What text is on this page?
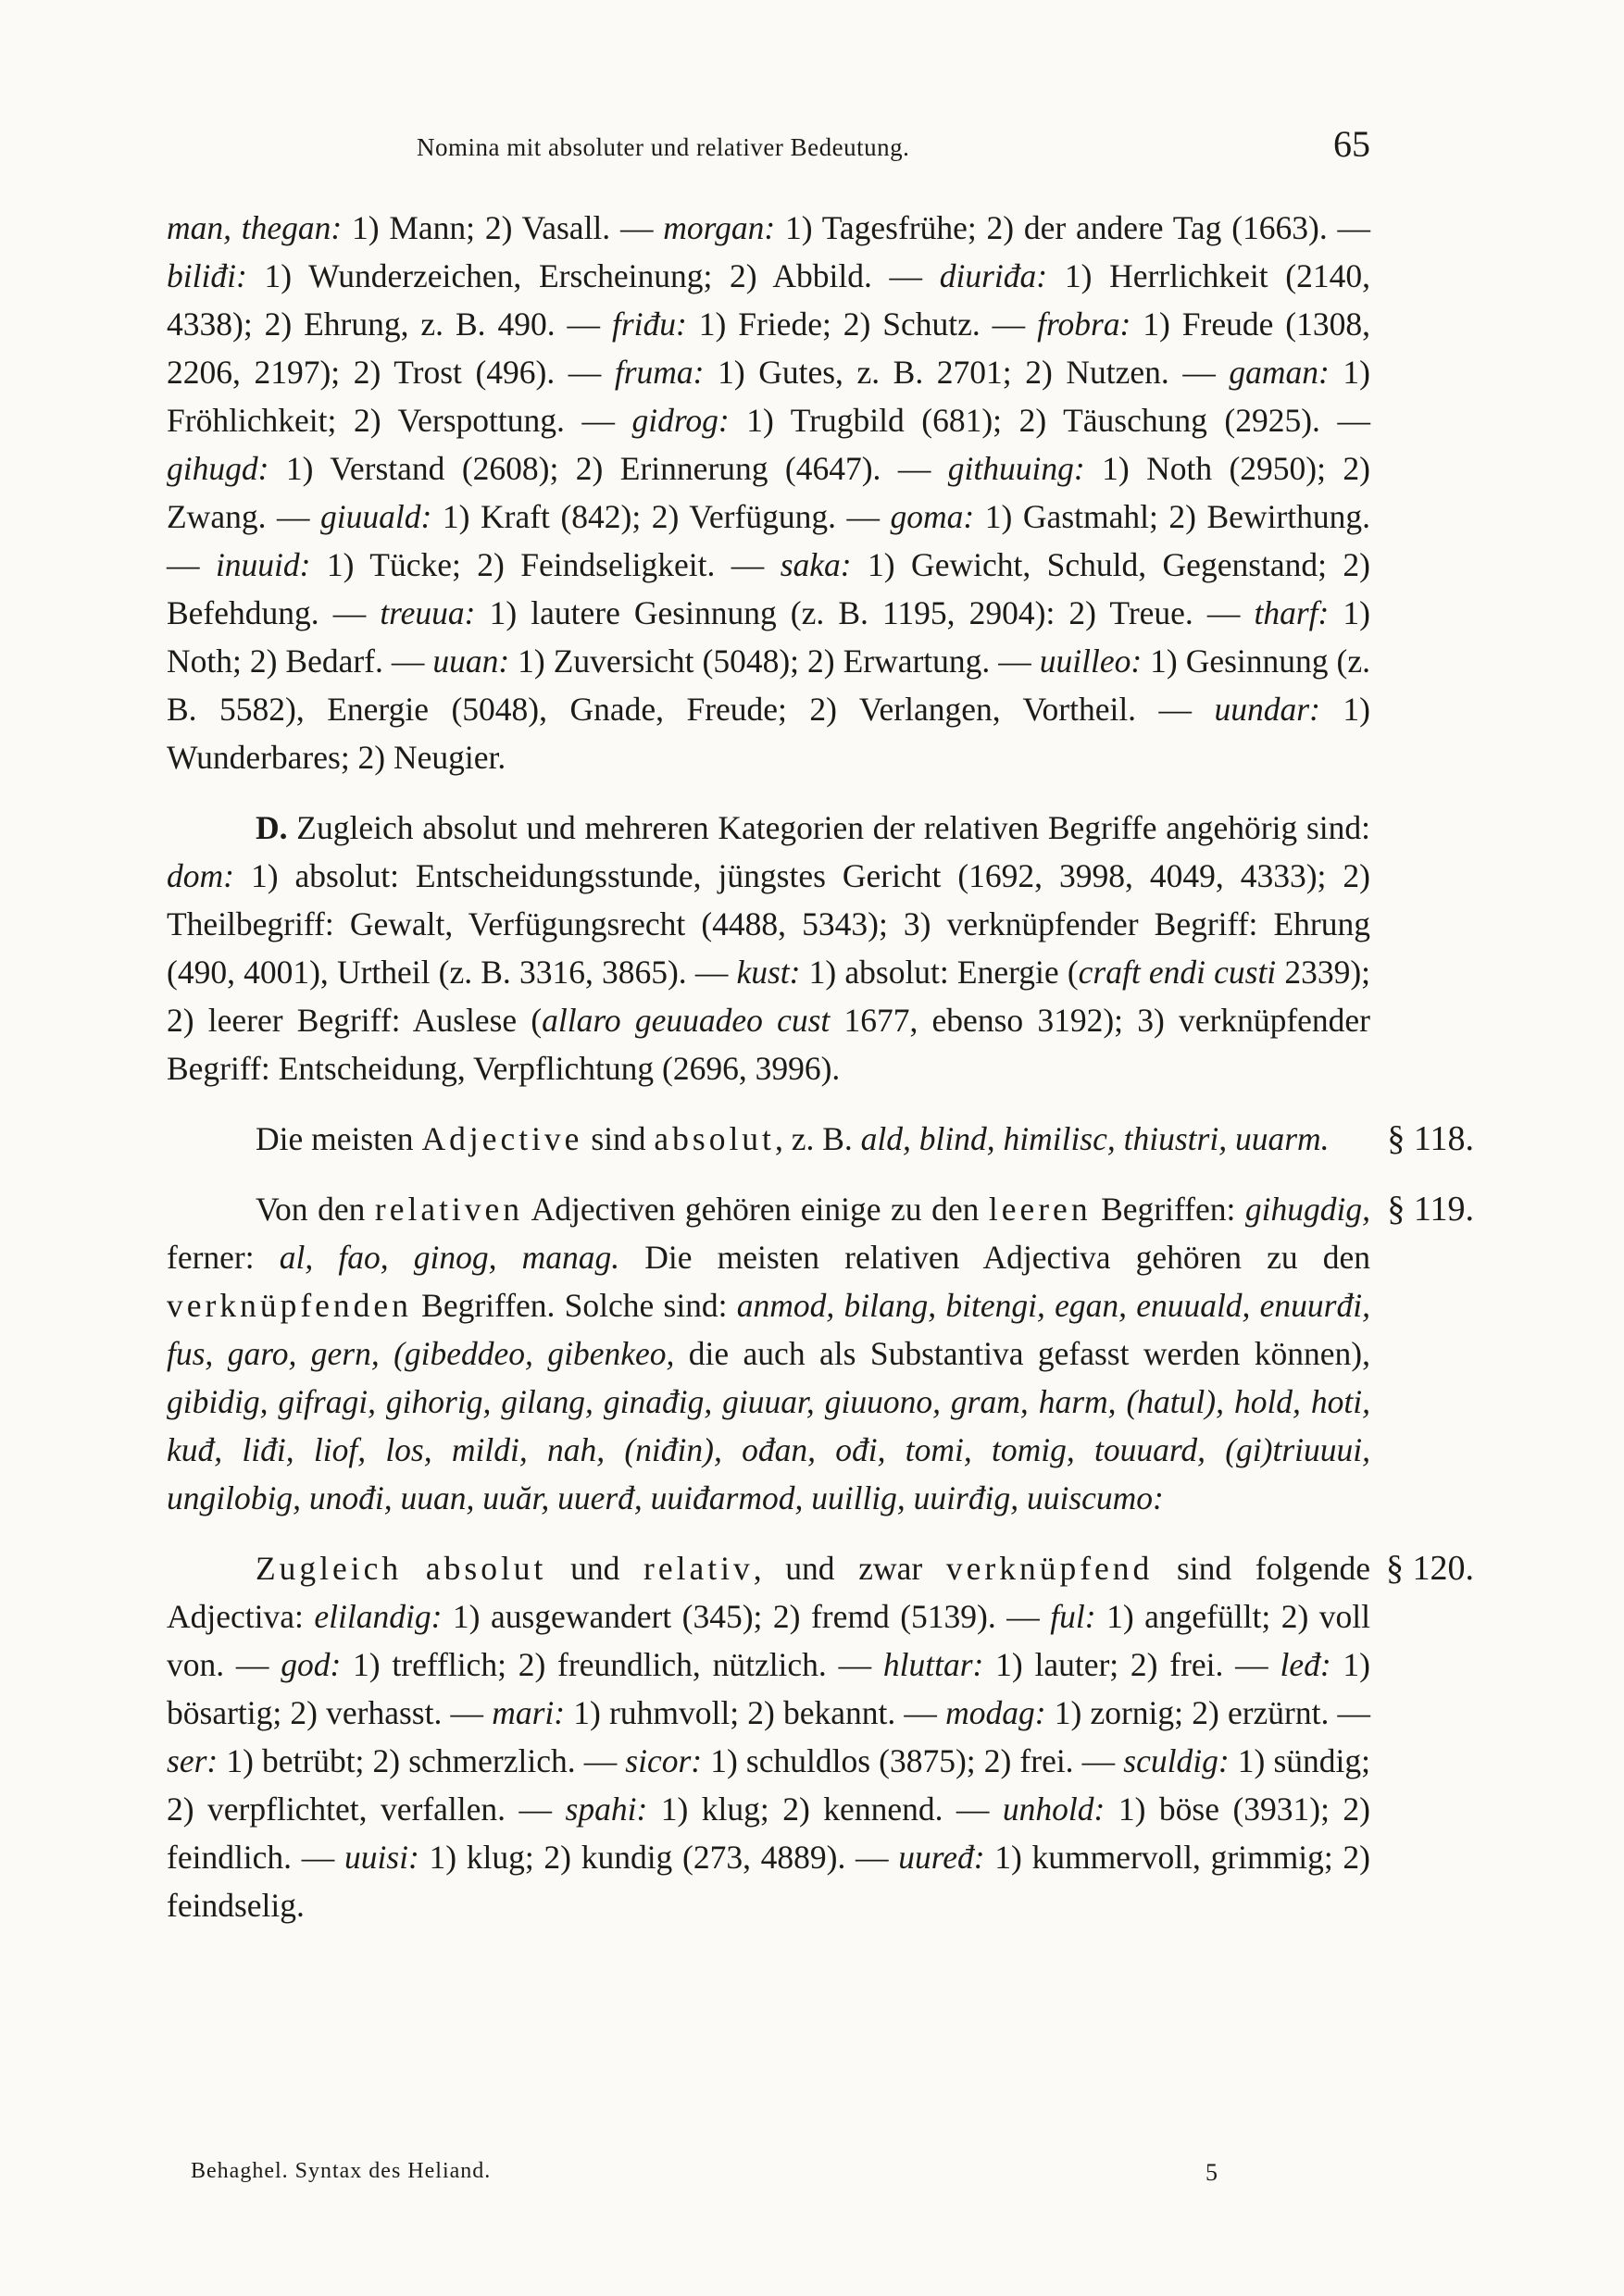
Nomina mit absoluter und relativer Bedeutung.	65

man, thegan: 1) Mann; 2) Vasall. — morgan: 1) Tagesfrühe; 2) der andere Tag (1663). — biliđi: 1) Wunderzeichen, Erscheinung; 2) Abbild. — diuriđa: 1) Herrlichkeit (2140, 4338); 2) Ehrung, z. B. 490. — friđu: 1) Friede; 2) Schutz. — frobra: 1) Freude (1308, 2206, 2197); 2) Trost (496). — fruma: 1) Gutes, z. B. 2701; 2) Nutzen. — gaman: 1) Fröhlichkeit; 2) Verspottung. — gidrog: 1) Trugbild (681); 2) Täuschung (2925). — gihugd: 1) Verstand (2608); 2) Erinnerung (4647). — githuuing: 1) Noth (2950); 2) Zwang. — giuuald: 1) Kraft (842); 2) Verfügung. — goma: 1) Gastmahl; 2) Bewirthung. — inuuid: 1) Tücke; 2) Feindseligkeit. — saka: 1) Gewicht, Schuld, Gegenstand; 2) Befehdung. — treuua: 1) lautere Gesinnung (z. B. 1195, 2904): 2) Treue. — tharf: 1) Noth; 2) Bedarf. — uuan: 1) Zuversicht (5048); 2) Erwartung. — uuilleo: 1) Gesinnung (z. B. 5582), Energie (5048), Gnade, Freude; 2) Verlangen, Vortheil. — uundar: 1) Wunderbares; 2) Neugier.

D. Zugleich absolut und mehreren Kategorien der relativen Begriffe angehörig sind: dom: 1) absolut: Entscheidungsstunde, jüngstes Gericht (1692, 3998, 4049, 4333); 2) Theilbegriff: Gewalt, Verfügungsrecht (4488, 5343); 3) verknüpfender Begriff: Ehrung (490, 4001), Urtheil (z. B. 3316, 3865). — kust: 1) absolut: Energie (craft endi custi 2339); 2) leerer Begriff: Auslese (allaro geuuadeo cust 1677, ebenso 3192); 3) verknüpfender Begriff: Entscheidung, Verpflichtung (2696, 3996).

Die meisten Adjective sind absolut, z. B. ald, blind, himilisc, thiustri, uuarm.	§ 118.

Von den relativen Adjectiven gehören einige zu den leeren Begriffen: gihugdig, ferner: al, fao, ginog, manag. Die meisten relativen Adjectiva gehören zu den verknüpfenden Begriffen. Solche sind: anmod, bilang, bitengi, egan, enuuald, enuurđi, fus, garo, gern, (gibeddeo, gibenkeo, die auch als Substantiva gefasst werden können), gibidig, gifragi, gihorig, gilang, ginađig, giuuar, giuuono, gram, harm, (hatul), hold, hoti, kuđ, liđi, liof, los, mildi, nah, (niđin), ođan, ođi, tomi, tomig, touuard, (gi)triuuui, ungilobig, unođi, uuan, uuăr, uuerđ, uuiđarmod, uuillig, uuirđig, uuiscumo:

§ 119.

Zugleich absolut und relativ, und zwar verknüpfend sind folgende Adjectiva: elilandig: 1) ausgewandert (345); 2) fremd (5139). — ful: 1) angefüllt; 2) voll von. — god: 1) trefflich; 2) freundlich, nützlich. — hluttar: 1) lauter; 2) frei. — leđ: 1) bösartig; 2) verhasst. — mari: 1) ruhmvoll; 2) bekannt. — modag: 1) zornig; 2) erzürnt. — ser: 1) betrübt; 2) schmerzlich. — sicor: 1) schuldlos (3875); 2) frei. — sculdig: 1) sündig; 2) verpflichtet, verfallen. — spahi: 1) klug; 2) kennend. — unhold: 1) böse (3931); 2) feindlich. — uuisi: 1) klug; 2) kundig (273, 4889). — uuređ: 1) kummervoll, grimmig; 2) feindselig.

§ 120.
Behaghel. Syntax des Heliand.	5
